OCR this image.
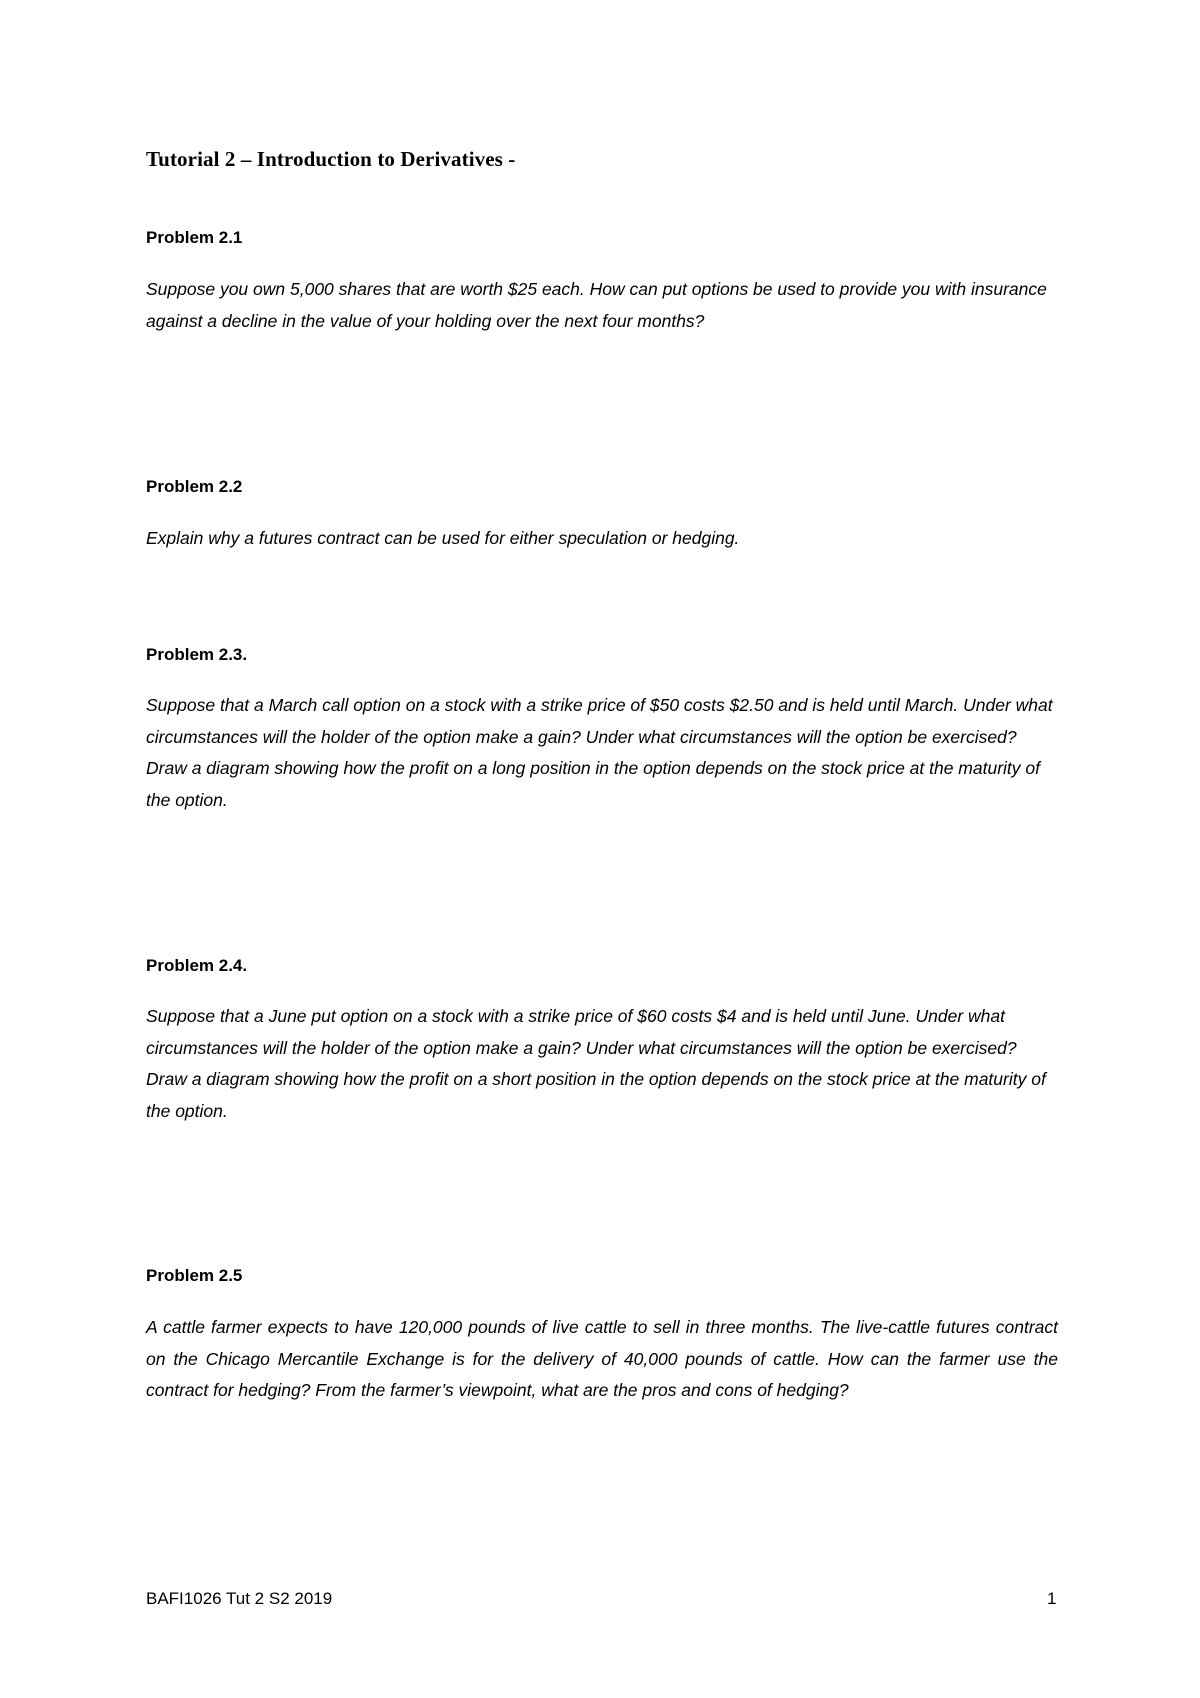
Tutorial 2 – Introduction to Derivatives -
Problem 2.1

Suppose you own 5,000 shares that are worth $25 each. How can put options be used to provide you with insurance against a decline in the value of your holding over the next four months?

Problem 2.2

Explain why a futures contract can be used for either speculation or hedging.

Problem 2.3.

Suppose that a March call option on a stock with a strike price of $50 costs $2.50 and is held until March. Under what circumstances will the holder of the option make a gain? Under what circumstances will the option be exercised? Draw a diagram showing how the profit on a long position in the option depends on the stock price at the maturity of the option.

Problem 2.4.

Suppose that a June put option on a stock with a strike price of $60 costs $4 and is held until June. Under what circumstances will the holder of the option make a gain? Under what circumstances will the option be exercised? Draw a diagram showing how the profit on a short position in the option depends on the stock price at the maturity of the option.

Problem 2.5

A cattle farmer expects to have 120,000 pounds of live cattle to sell in three months. The live-cattle futures contract on the Chicago Mercantile Exchange is for the delivery of 40,000 pounds of cattle. How can the farmer use the contract for hedging? From the farmer’s viewpoint, what are the pros and cons of hedging?

BAFI1026 Tut 2 S2 2019	1
